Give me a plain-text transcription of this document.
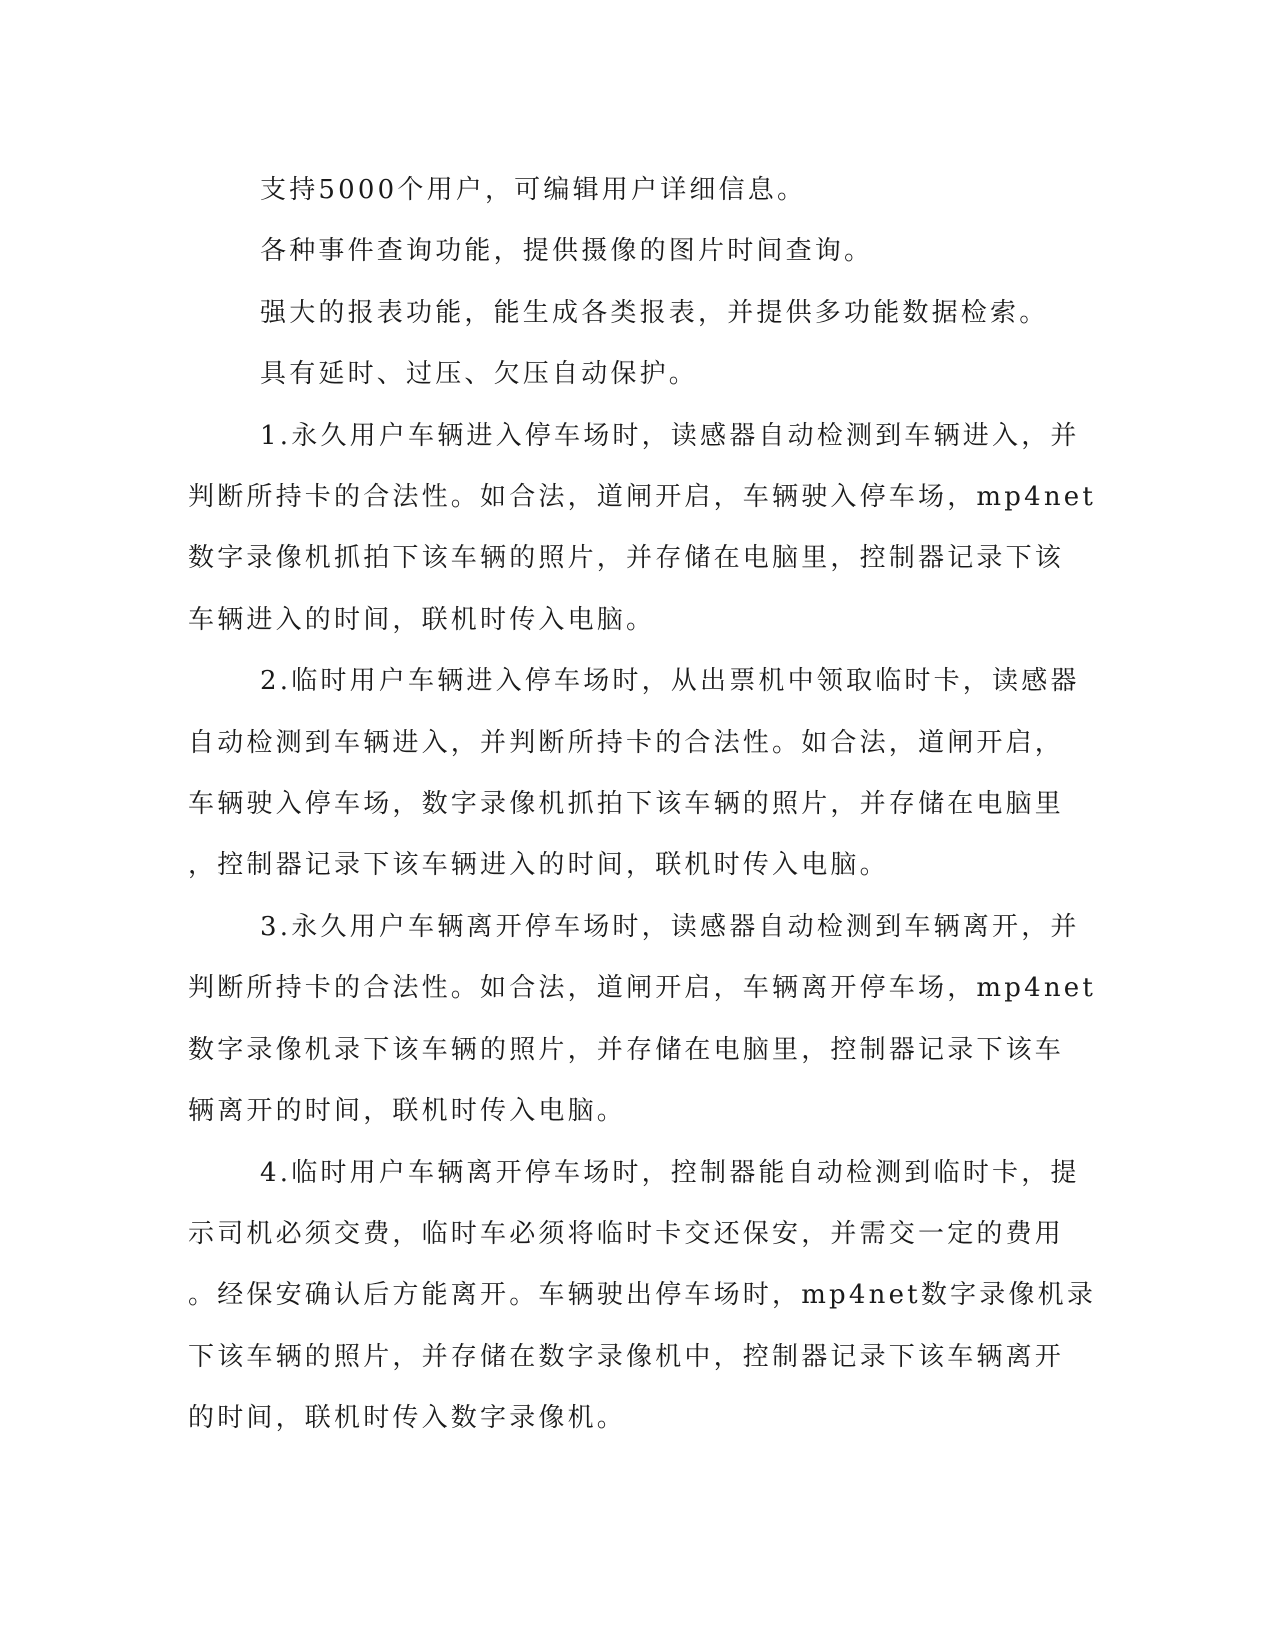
支持5000个用户，可编辑用户详细信息。

各种事件查询功能，提供摄像的图片时间查询。

强大的报表功能，能生成各类报表，并提供多功能数据检索。

具有延时、过压、欠压自动保护。

1.永久用户车辆进入停车场时，读感器自动检测到车辆进入，并
判断所持卡的合法性。如合法，道闸开启，车辆驶入停车场，mp4net
数字录像机抓拍下该车辆的照片，并存储在电脑里，控制器记录下该
车辆进入的时间，联机时传入电脑。

2.临时用户车辆进入停车场时，从出票机中领取临时卡，读感器
自动检测到车辆进入，并判断所持卡的合法性。如合法，道闸开启，
车辆驶入停车场，数字录像机抓拍下该车辆的照片，并存储在电脑里
，控制器记录下该车辆进入的时间，联机时传入电脑。

3.永久用户车辆离开停车场时，读感器自动检测到车辆离开，并
判断所持卡的合法性。如合法，道闸开启，车辆离开停车场，mp4net
数字录像机录下该车辆的照片，并存储在电脑里，控制器记录下该车
辆离开的时间，联机时传入电脑。

4.临时用户车辆离开停车场时，控制器能自动检测到临时卡，提
示司机必须交费，临时车必须将临时卡交还保安，并需交一定的费用
。经保安确认后方能离开。车辆驶出停车场时，mp4net数字录像机录
下该车辆的照片，并存储在数字录像机中，控制器记录下该车辆离开
的时间，联机时传入数字录像机。
